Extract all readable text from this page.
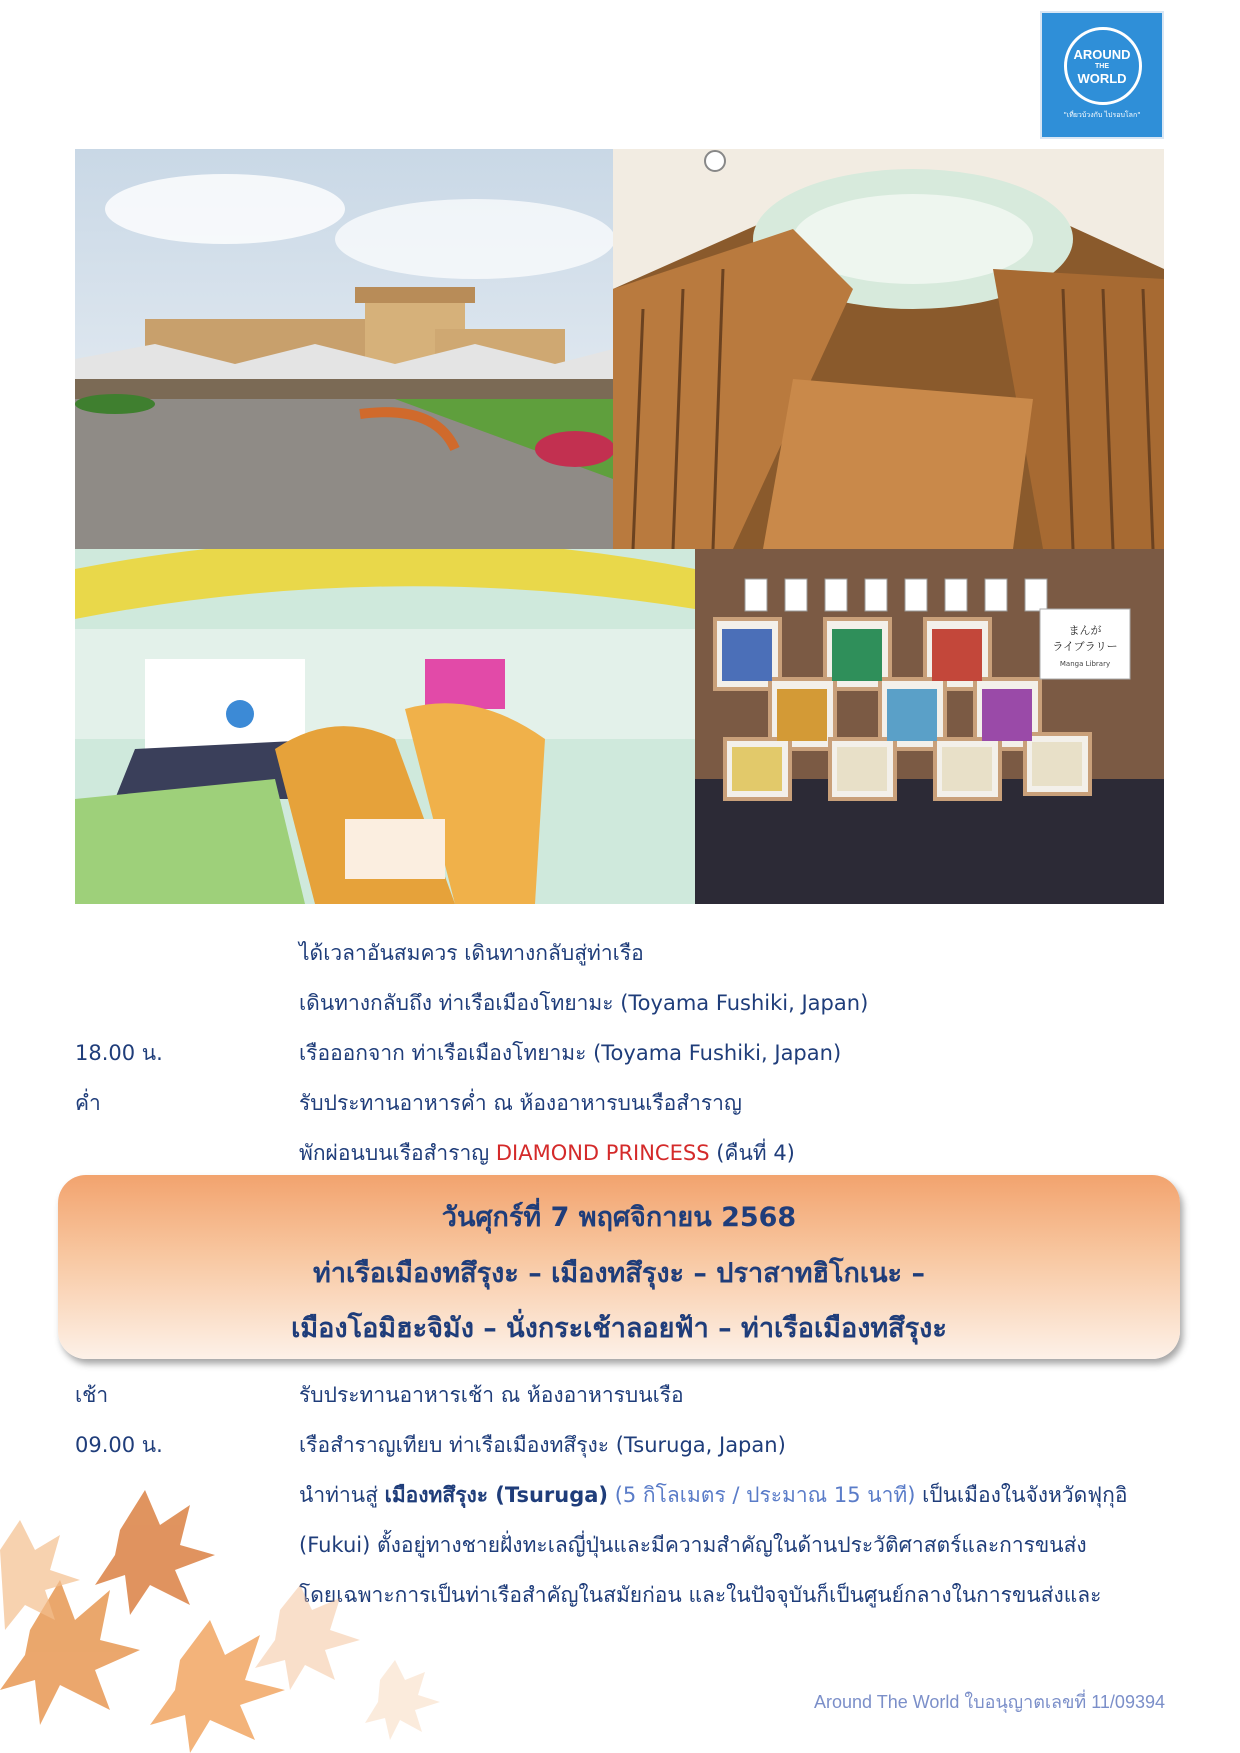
AROUND
THE
WORLD
"เที่ยวบ้วงกับ ไปรอบโลก"
まんが
ライブラリー
Manga Library
ได้เวลาอันสมควร เดินทางกลับสู่ท่าเรือ
เดินทางกลับถึง ท่าเรือเมืองโทยามะ (Toyama Fushiki, Japan)
18.00 น.	เรือออกจาก ท่าเรือเมืองโทยามะ (Toyama Fushiki, Japan)
ค่ำ	รับประทานอาหารค่ำ ณ ห้องอาหารบนเรือสำราญ
พักผ่อนบนเรือสำราญ DIAMOND PRINCESS (คืนที่ 4)
วันศุกร์ที่ 7 พฤศจิกายน 2568
ท่าเรือเมืองทสึรุงะ – เมืองทสึรุงะ – ปราสาทฮิโกเนะ –
เมืองโอมิฮะจิมัง – นั่งกระเช้าลอยฟ้า – ท่าเรือเมืองทสึรุงะ
เช้า	รับประทานอาหารเช้า ณ ห้องอาหารบนเรือ
09.00 น.	เรือสำราญเทียบ ท่าเรือเมืองทสึรุงะ (Tsuruga, Japan)
นำท่านสู่ เมืองทสึรุงะ (Tsuruga) (5 กิโลเมตร / ประมาณ 15 นาที) เป็นเมืองในจังหวัดฟุกุอิ
(Fukui) ตั้งอยู่ทางชายฝั่งทะเลญี่ปุ่นและมีความสำคัญในด้านประวัติศาสตร์และการขนส่ง
โดยเฉพาะการเป็นท่าเรือสำคัญในสมัยก่อน และในปัจจุบันก็เป็นศูนย์กลางในการขนส่งและ
Around The World ใบอนุญาตเลขที่ 11/09394
